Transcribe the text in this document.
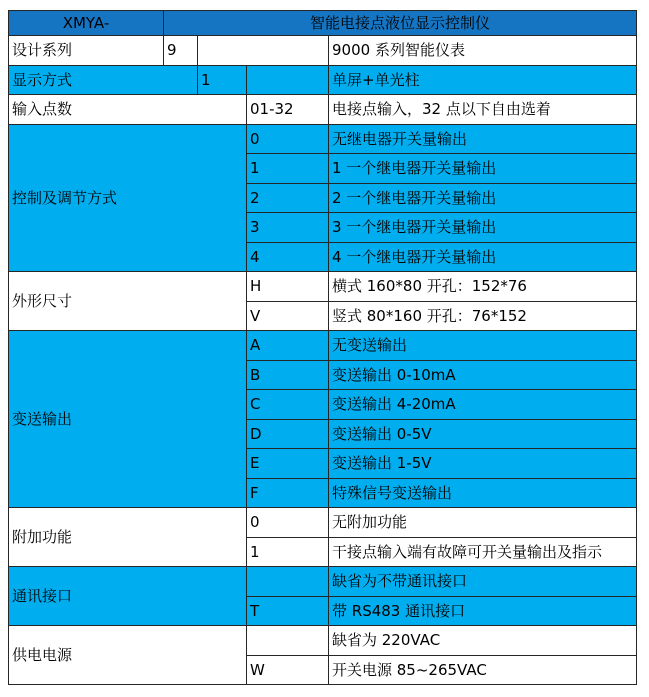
XMYA-	智能电接点液位显示控制仪			
设计系列	9			9000 系列智能仪表
显示方式		1		单屏+单光柱
输入点数			01-32	电接点输入，32 点以下自由选着
控制及调节方式			0	无继电器开关量输出
			1	1 一个继电器开关量输出
			2	2 一个继电器开关量输出
			3	3 一个继电器开关量输出
			4	4 一个继电器开关量输出
外形尺寸			H	横式 160*80 开孔：152*76
			V	竖式 80*160 开孔：76*152
变送输出			A	无变送输出
			B	变送输出 0-10mA
			C	变送输出 4-20mA
			D	变送输出 0-5V
			E	变送输出 1-5V
			F	特殊信号变送输出
附加功能			0	无附加功能
			1	干接点输入端有故障可开关量输出及指示
通讯接口				缺省为不带通讯接口
			T	带 RS483 通讯接口
供电电源				缺省为 220VAC
			W	开关电源 85~265VAC
